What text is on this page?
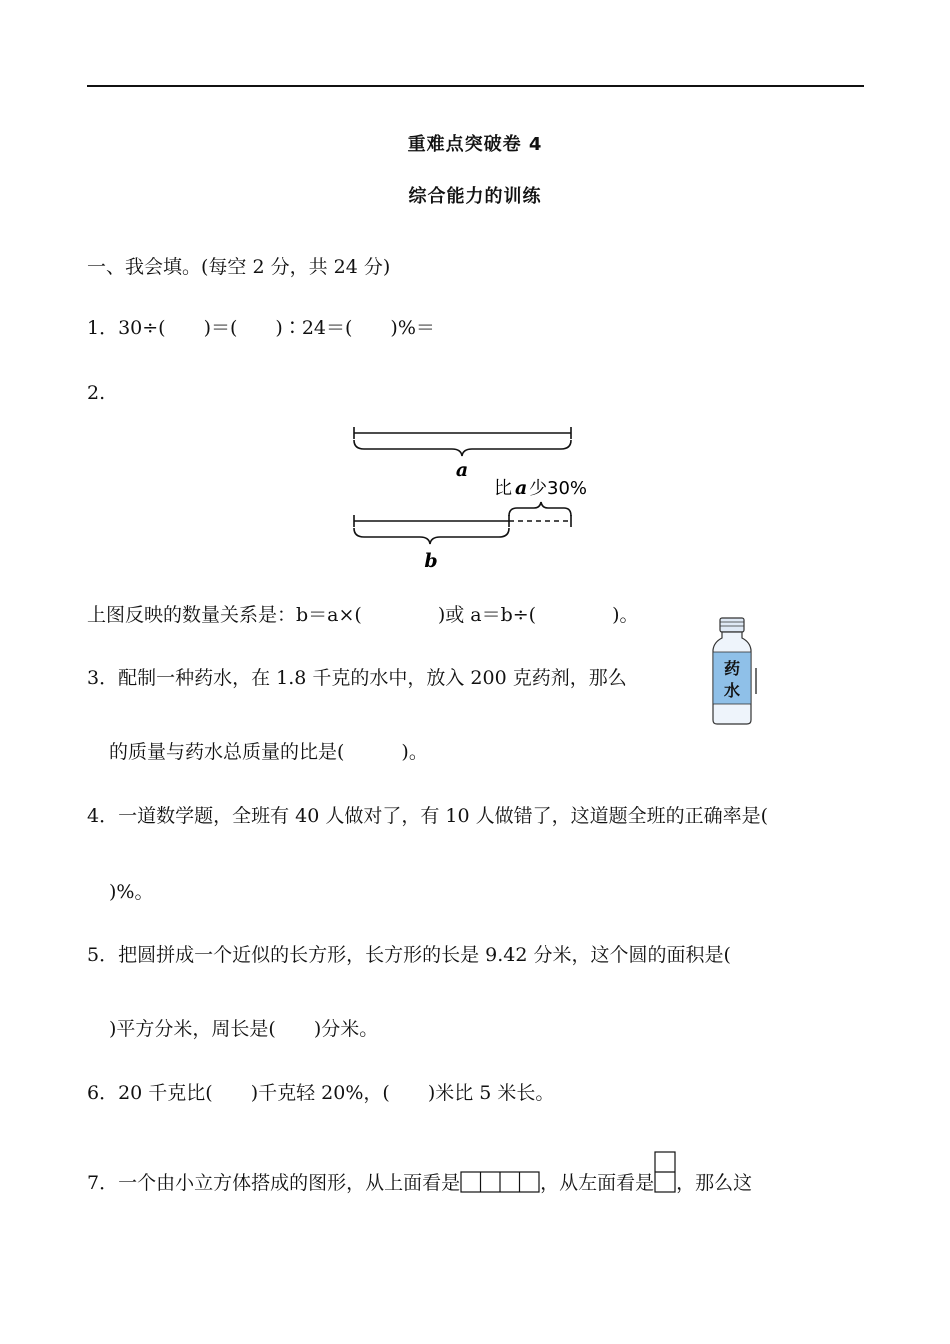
重难点突破卷 4
综合能力的训练
一、我会填。(每空 2 分，共 24 分)
1．30÷(　　)＝(　　)∶24＝(　　)%＝
2.
a
比 a 少30%
b
上图反映的数量关系是：b＝a×(　　　　)或 a＝b÷(　　　　)。
3．配制一种药水，在 1.8 千克的水中，放入 200 克药剂，那么	药
水
的质量与药水总质量的比是(　　　)。
4．一道数学题，全班有 40 人做对了，有 10 人做错了，这道题全班的正确率是(
)%。
5．把圆拼成一个近似的长方形，长方形的长是 9.42 分米，这个圆的面积是(
)平方分米，周长是(　　)分米。
6．20 千克比(　　)千克轻 20%，(　　)米比 5 米长。
7．一个由小立方体搭成的图形，从上面看是	，从左面看是 ，那么这
